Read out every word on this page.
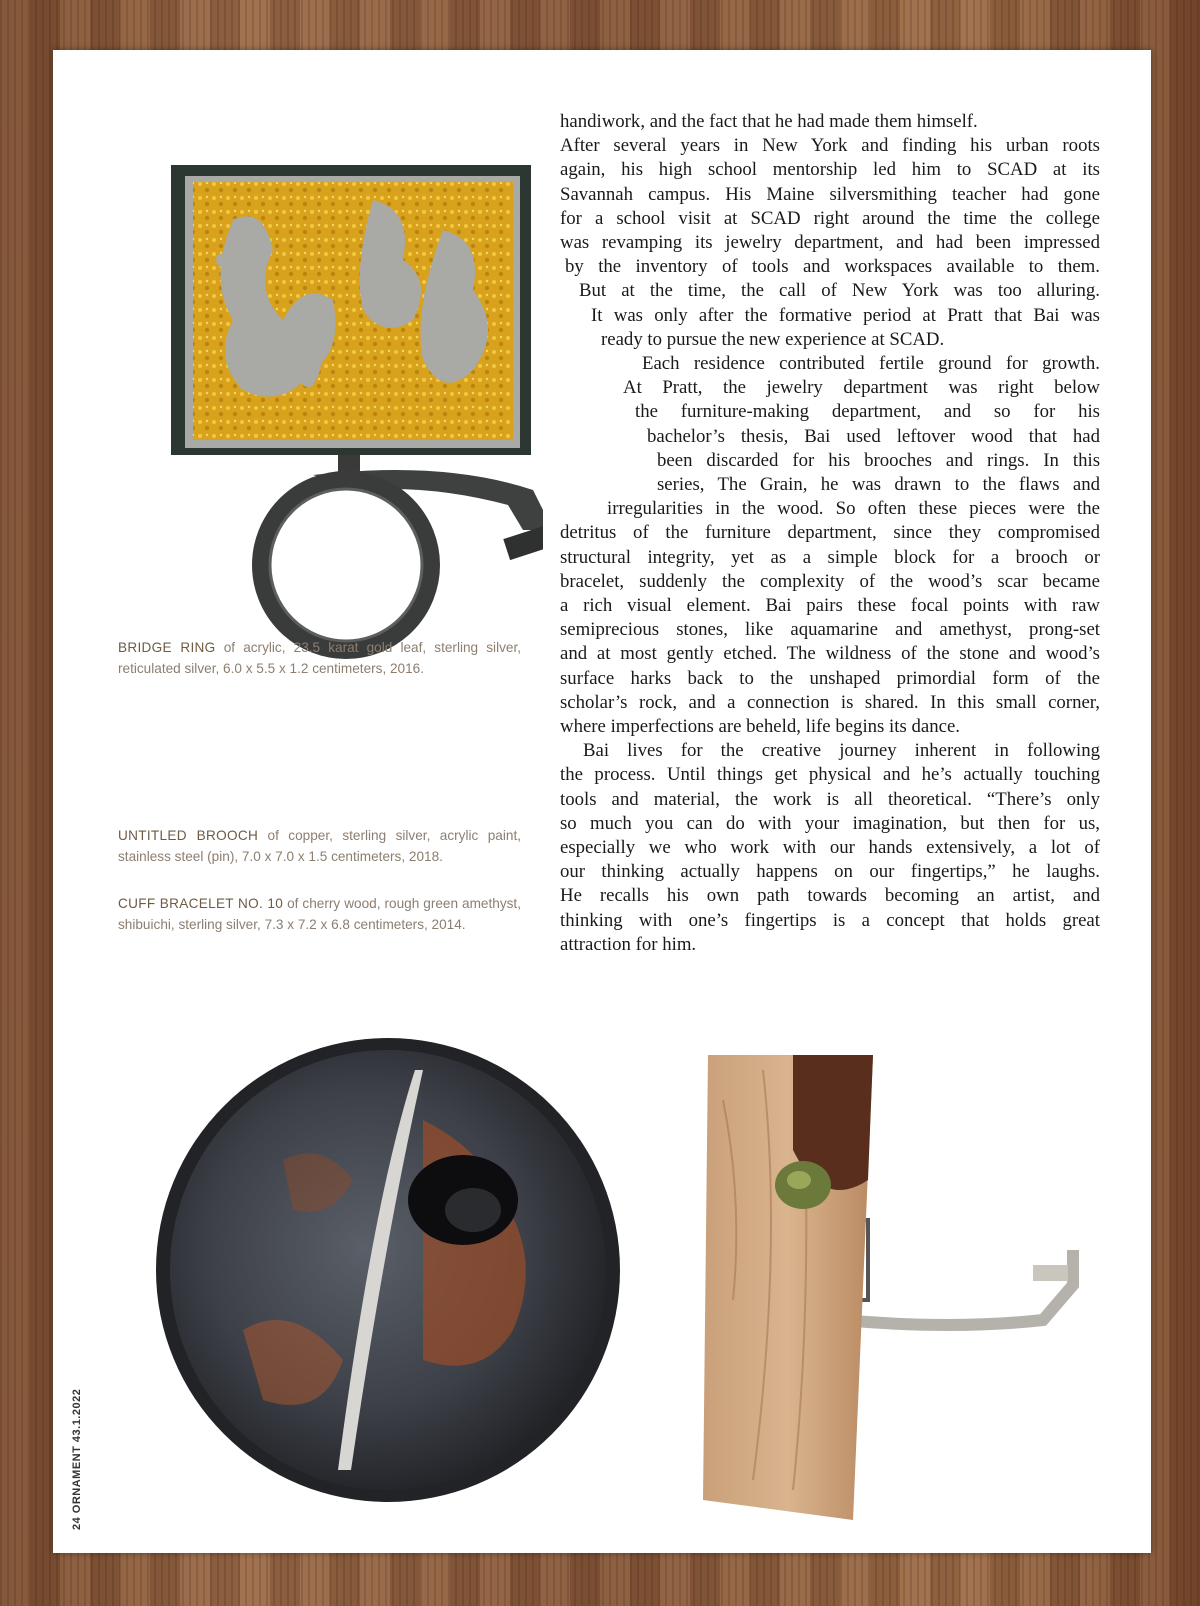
BRIDGE RING of acrylic, 23.5 karat gold leaf, sterling silver, reticulated silver, 6.0 x 5.5 x 1.2 centimeters, 2016.
UNTITLED BROOCH of copper, sterling silver, acrylic paint, stainless steel (pin), 7.0 x 7.0 x 1.5 centimeters, 2018.
CUFF BRACELET NO. 10 of cherry wood, rough green amethyst, shibuichi, sterling silver, 7.3 x 7.2 x 6.8 centimeters, 2014.
handiwork, and the fact that he had made them himself.
After several years in New York and finding his urban roots
again, his high school mentorship led him to SCAD at its
Savannah campus. His Maine silversmithing teacher had gone
for a school visit at SCAD right around the time the college
was revamping its jewelry department, and had been impressed
by the inventory of tools and workspaces available to them.
But at the time, the call of New York was too alluring.
It was only after the formative period at Pratt that Bai was
ready to pursue the new experience at SCAD.
Each residence contributed fertile ground for growth.
At Pratt, the jewelry department was right below
the furniture-making department, and so for his
bachelor’s thesis, Bai used leftover wood that had
been discarded for his brooches and rings. In this
series, The Grain, he was drawn to the flaws and
irregularities in the wood. So often these pieces were the
detritus of the furniture department, since they compromised
structural integrity, yet as a simple block for a brooch or
bracelet, suddenly the complexity of the wood’s scar became
a rich visual element. Bai pairs these focal points with raw
semiprecious stones, like aquamarine and amethyst, prong-set
and at most gently etched. The wildness of the stone and wood’s
surface harks back to the unshaped primordial form of the
scholar’s rock, and a connection is shared. In this small corner,
where imperfections are beheld, life begins its dance.
Bai lives for the creative journey inherent in following
the process. Until things get physical and he’s actually touching
tools and material, the work is all theoretical. “There’s only
so much you can do with your imagination, but then for us,
especially we who work with our hands extensively, a lot of
our thinking actually happens on our fingertips,” he laughs.
He recalls his own path towards becoming an artist, and
thinking with one’s fingertips is a concept that holds great
attraction for him.
24 ORNAMENT 43.1.2022
